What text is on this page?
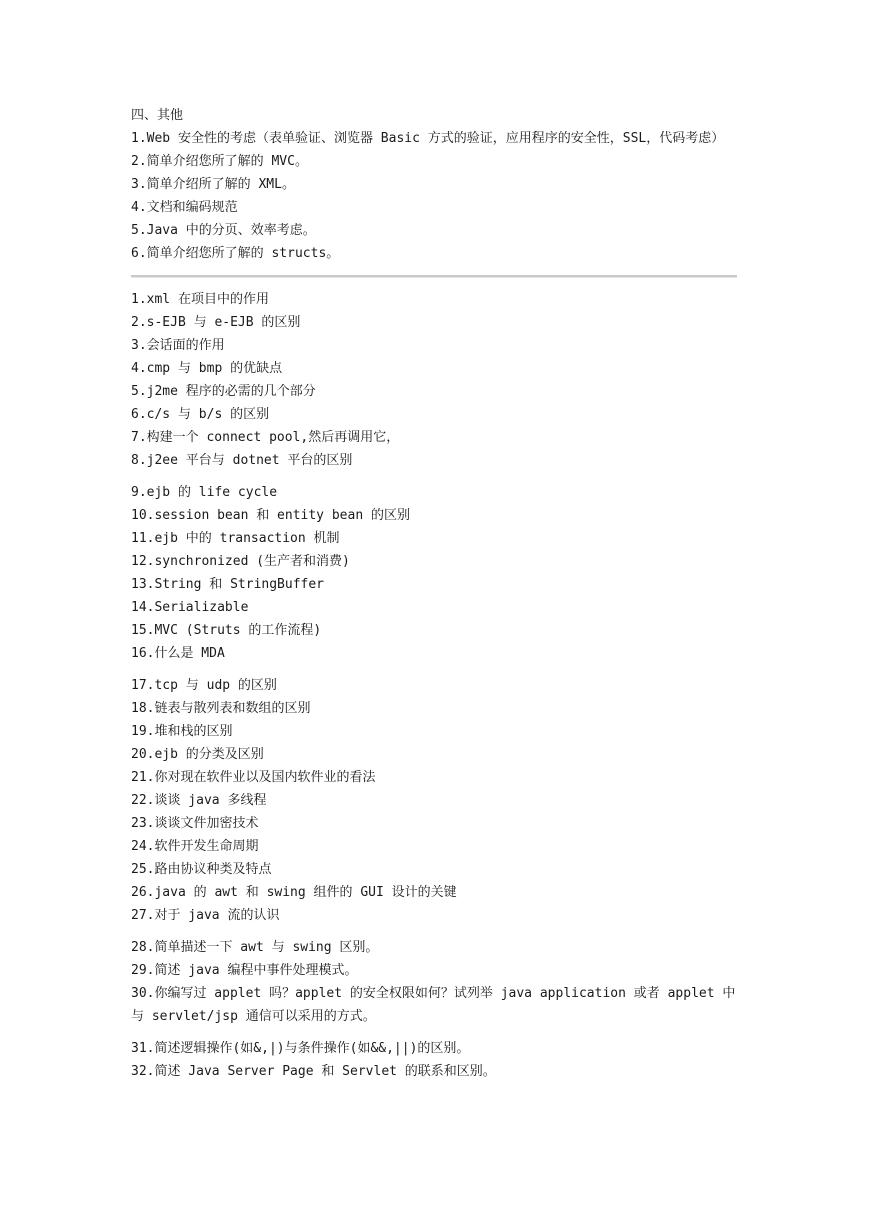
四、其他
1.Web 安全性的考虑（表单验证、浏览器 Basic 方式的验证，应用程序的安全性，SSL，代码考虑）
2.简单介绍您所了解的 MVC。
3.简单介绍所了解的 XML。
4.文档和编码规范
5.Java 中的分页、效率考虑。
6.简单介绍您所了解的 structs。
1.xml 在项目中的作用
2.s-EJB 与 e-EJB 的区别
3.会话面的作用
4.cmp 与 bmp 的优缺点
5.j2me 程序的必需的几个部分
6.c/s 与 b/s 的区别
7.构建一个 connect pool,然后再调用它，
8.j2ee 平台与 dotnet 平台的区别
9.ejb 的 life cycle
10.session bean 和 entity bean 的区别
11.ejb 中的 transaction 机制
12.synchronized (生产者和消费)
13.String 和 StringBuffer
14.Serializable
15.MVC (Struts 的工作流程)
16.什么是 MDA
17.tcp 与 udp 的区别
18.链表与散列表和数组的区别
19.堆和栈的区别
20.ejb 的分类及区别
21.你对现在软件业以及国内软件业的看法
22.谈谈 java 多线程
23.谈谈文件加密技术
24.软件开发生命周期
25.路由协议种类及特点
26.java 的 awt 和 swing 组件的 GUI 设计的关键
27.对于 java 流的认识
28.简单描述一下 awt 与 swing 区别。
29.简述 java 编程中事件处理模式。
30.你编写过 applet 吗？applet 的安全权限如何？试列举 java application 或者 applet 中与 servlet/jsp 通信可以采用的方式。
31.简述逻辑操作(如&,|)与条件操作(如&&,||)的区别。
32.简述 Java Server Page 和 Servlet 的联系和区别。
